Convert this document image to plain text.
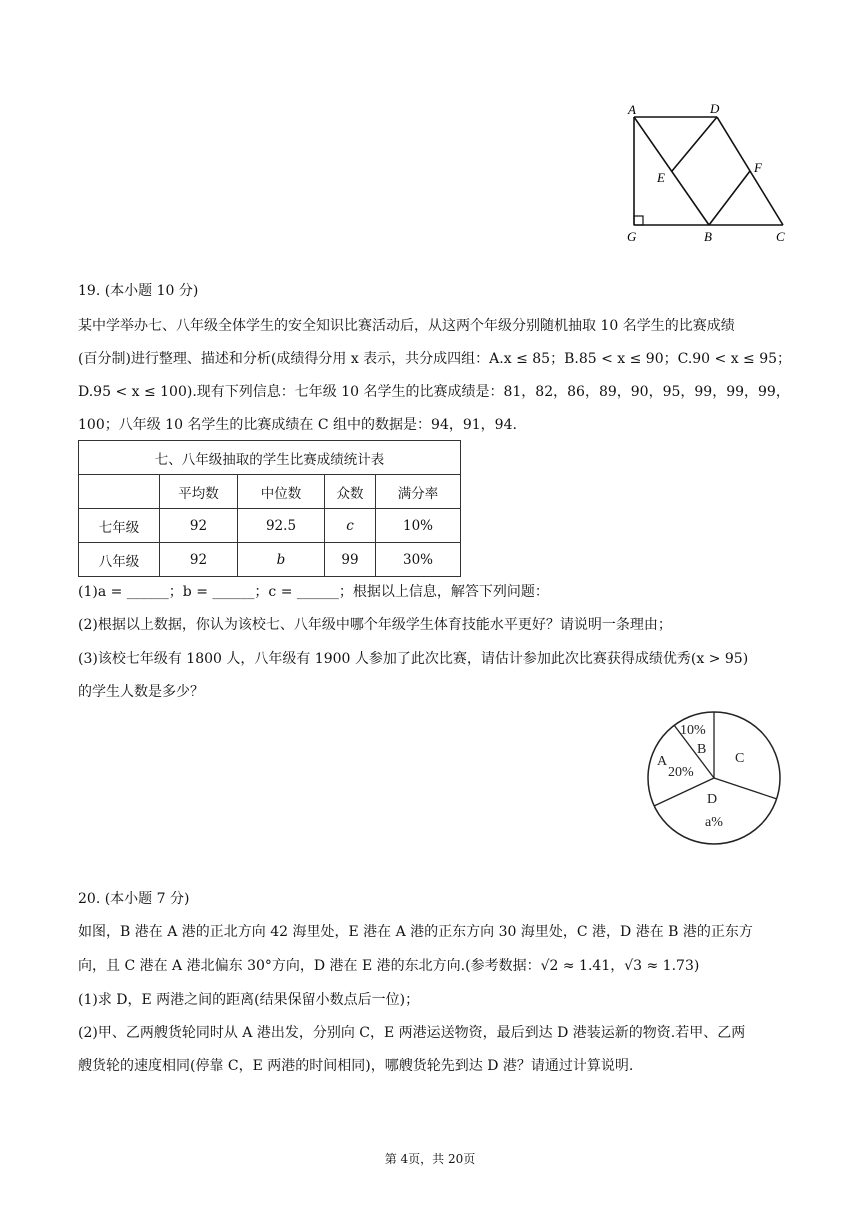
A	D
E
F
G	B	C
19. (本小题 10 分)
某中学举办七、八年级全体学生的安全知识比赛活动后，从这两个年级分别随机抽取 10 名学生的比赛成绩
(百分制)进行整理、描述和分析(成绩得分用 x 表示，共分成四组：A.x ≤ 85；B.85 < x ≤ 90；C.90 < x ≤ 95；
D.95 < x ≤ 100).现有下列信息：七年级 10 名学生的比赛成绩是：81，82，86，89，90，95，99，99，99，
100；八年级 10 名学生的比赛成绩在 C 组中的数据是：94，91，94.
七、八年级抽取的学生比赛成绩统计表				
	平均数	中位数	众数	满分率
七年级	92	92.5	c	10%
八年级	92	b	99	30%
(1)a = ______；b = ______；c = ______；根据以上信息，解答下列问题：
(2)根据以上数据，你认为该校七、八年级中哪个年级学生体育技能水平更好？请说明一条理由；
(3)该校七年级有 1800 人，八年级有 1900 人参加了此次比赛，请估计参加此次比赛获得成绩优秀(x > 95)
的学生人数是多少？
10%
B
C
A
20%
D
a%
20. (本小题 7 分)
如图，B 港在 A 港的正北方向 42 海里处，E 港在 A 港的正东方向 30 海里处，C 港，D 港在 B 港的正东方
向，且 C 港在 A 港北偏东 30°方向，D 港在 E 港的东北方向.(参考数据：√2 ≈ 1.41，√3 ≈ 1.73)
(1)求 D，E 两港之间的距离(结果保留小数点后一位)；
(2)甲、乙两艘货轮同时从 A 港出发，分别向 C，E 两港运送物资，最后到达 D 港装运新的物资.若甲、乙两
艘货轮的速度相同(停靠 C，E 两港的时间相同)，哪艘货轮先到达 D 港？请通过计算说明.
第 4页，共 20页
